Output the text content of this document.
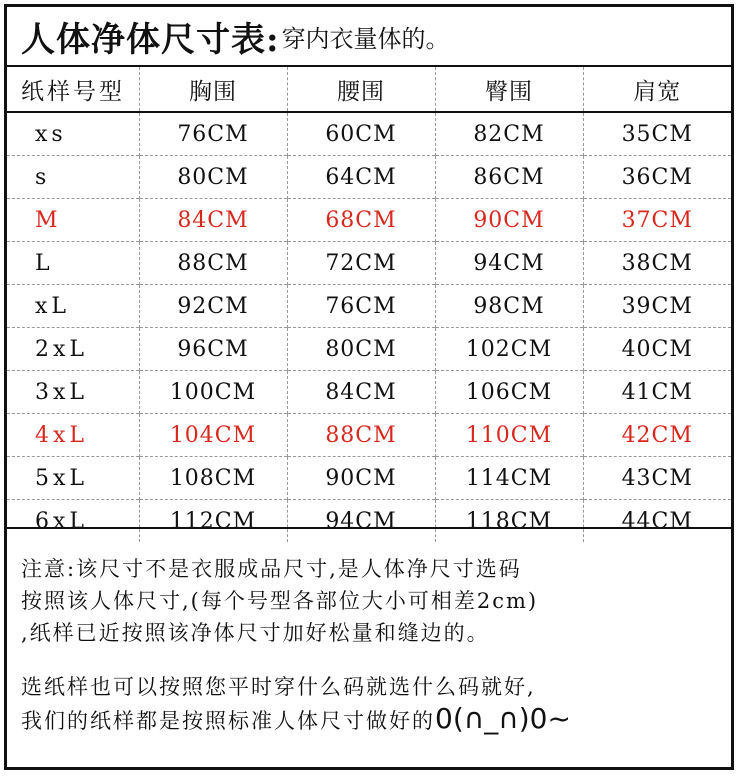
人体净体尺寸表: 穿内衣量体的。
纸样号型	胸围	腰围	臀围	肩宽
xs	76CM	60CM	82CM	35CM
s	80CM	64CM	86CM	36CM
M	84CM	68CM	90CM	37CM
L	88CM	72CM	94CM	38CM
xL	92CM	76CM	98CM	39CM
2xL	96CM	80CM	102CM	40CM
3xL	100CM	84CM	106CM	41CM
4xL	104CM	88CM	110CM	42CM
5xL	108CM	90CM	114CM	43CM
6xL	112CM	94CM	118CM	44CM
注意:该尺寸不是衣服成品尺寸,是人体净尺寸选码
按照该人体尺寸,(每个号型各部位大小可相差2cm)
,纸样已近按照该净体尺寸加好松量和缝边的。
选纸样也可以按照您平时穿什么码就选什么码就好,
我们的纸样都是按照标准人体尺寸做好的0(∩_∩)0~
